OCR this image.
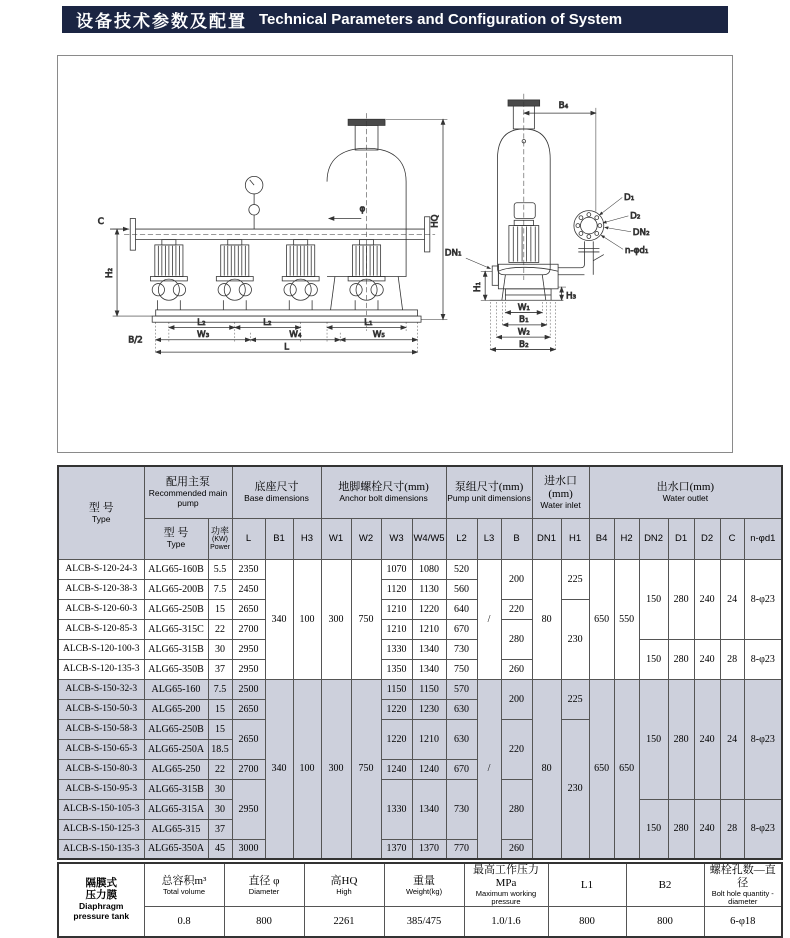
设备技术参数及配置 Technical Parameters and Configuration of System
C
φ
HQ
H₂
L₂	L₂	L₁
B/2
W₃	W₄	W₅
L
B₄
D₁
D₂
DN₂
n-φd₁
DN₁
H₁
H₃
W₁
B₁
W₂
B₂
型 号
Type

配用主泵
Recommended main pump

底座尺寸
Base dimensions

地脚螺栓尺寸(mm)
Anchor bolt dimensions

泵组尺寸(mm)
Pump unit dimensions

进水口(mm)
Water inlet

出水口(mm)
Water outlet

型 号
Type

功率
(KW)
Power

L	B1	H3	W1	W2	W3	W4/W5	L2	L3	B	DN1	H1	B4	H2	DN2	D1	D2	C	n-φd1

ALCB-S-120-24-3	ALG65-160B	5.5	2350	340	100	300	750	1070	1080	520	/	200	80	225	650	550	150	280	240	24	8-φ23
ALCB-S-120-38-3	ALG65-200B	7.5	2450					1120	1130	560											
ALCB-S-120-60-3	ALG65-250B	15	2650					1210	1220	640		220		230							
ALCB-S-120-85-3	ALG65-315C	22	2700					1210	1210	670		280									
ALCB-S-120-100-3	ALG65-315B	30	2950					1330	1340	730							150	280	240	28	8-φ23
ALCB-S-120-135-3	ALG65-350B	37	2950					1350	1340	750		260									
ALCB-S-150-32-3	ALG65-160	7.5	2500	340	100	300	750	1150	1150	570	/	200	80	225	650	650	150	280	240	24	8-φ23
ALCB-S-150-50-3	ALG65-200	15	2650					1220	1230	630											
ALCB-S-150-58-3	ALG65-250B	15	2650					1220	1210	630		220		230							
ALCB-S-150-65-3	ALG65-250A	18.5																			
ALCB-S-150-80-3	ALG65-250	22	2700					1240	1240	670											
ALCB-S-150-95-3	ALG65-315B	30	2950					1330	1340	730		280									
ALCB-S-150-105-3	ALG65-315A	30															150	280	240	28	8-φ23
ALCB-S-150-125-3	ALG65-315	37																			
ALCB-S-150-135-3	ALG65-350A	45	3000					1370	1370	770		260									
隔膜式
压力膜
Diaphragm
pressure tank

总容积m³
Total volume

直径 φ
Diameter

高HQ
High

重量
Weight(kg)

最高工作压力MPa
Maximum working pressure

L1	B2

螺栓孔数—直径
Bolt hole quantity - diameter

	0.8	800	2261	385/475	1.0/1.6	800	800	6-φ18
